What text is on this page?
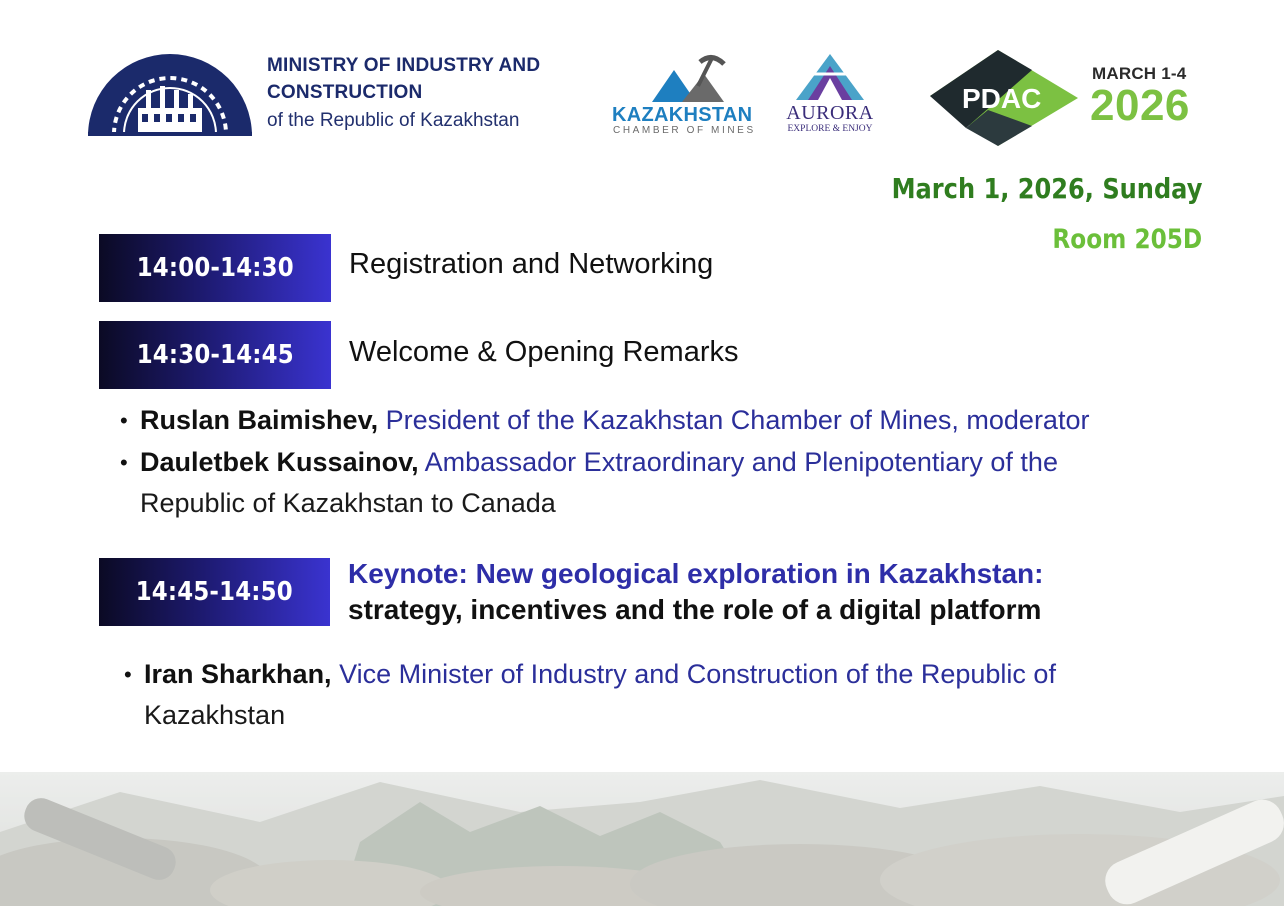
MINISTRY OF INDUSTRY AND
CONSTRUCTION
of the Republic of Kazakhstan	KAZAKHSTAN
CHAMBER OF MINES
AURORA
EXPLORE & ENJOY
PDAC
MARCH 1-4
2026
March 1, 2026, Sunday
Room 205D
14:00-14:30 Registration and Networking
14:30-14:45 Welcome & Opening Remarks
• Ruslan Baimishev, President of the Kazakhstan Chamber of Mines, moderator
• Dauletbek Kussainov, Ambassador Extraordinary and Plenipotentiary of the
Republic of Kazakhstan to Canada
14:45-14:50
Keynote: New geological exploration in Kazakhstan:
strategy, incentives and the role of a digital platform
• Iran Sharkhan, Vice Minister of Industry and Construction of the Republic of
Kazakhstan
